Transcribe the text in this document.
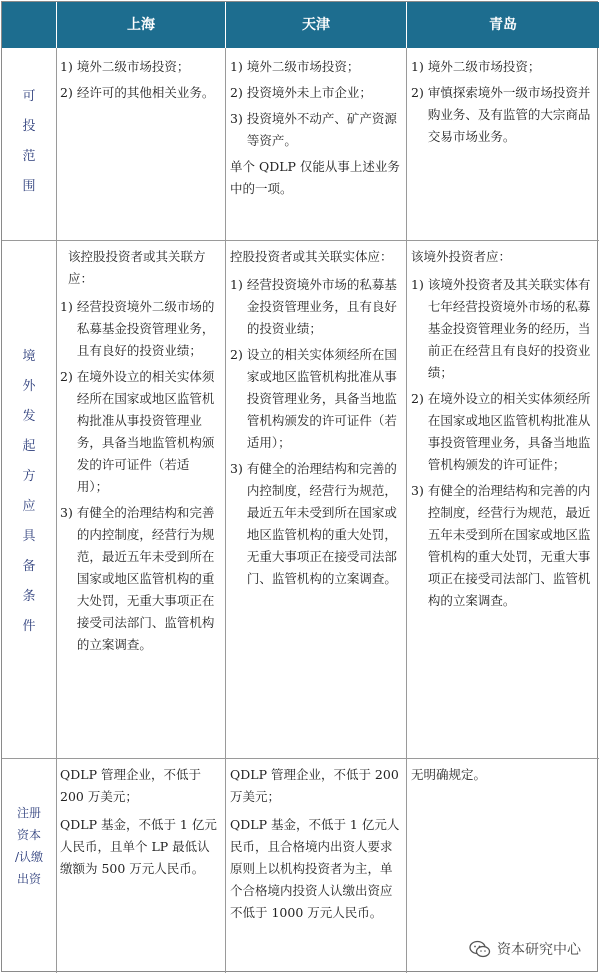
上海	天津	青岛
可
投
范
围
1) 境外二级市场投资；
2) 经许可的其他相关业务。
1) 境外二级市场投资；
2) 投资境外未上市企业；
3) 投资境外不动产、矿产资源等资产。

单个 QDLP 仅能从事上述业务中的一项。

1) 境外二级市场投资；
2) 审慎探索境外一级市场投资并购业务、及有监管的大宗商品交易市场业务。
境
外
发
起
方
应
具
备
条
件

该控股投资者或其关联方应：

1) 经营投资境外二级市场的私募基金投资管理业务，且有良好的投资业绩；
2) 在境外设立的相关实体须经所在国家或地区监管机构批准从事投资管理业务，具备当地监管机构颁发的许可证件（若适用）；
3) 有健全的治理结构和完善的内控制度，经营行为规范，最近五年未受到所在国家或地区监管机构的重大处罚，无重大事项正在接受司法部门、监管机构的立案调查。

控股投资者或其关联实体应：

1) 经营投资境外市场的私募基金投资管理业务，且有良好的投资业绩；
2) 设立的相关实体须经所在国家或地区监管机构批准从事投资管理业务，具备当地监管机构颁发的许可证件（若适用）；
3) 有健全的治理结构和完善的内控制度，经营行为规范，最近五年未受到所在国家或地区监管机构的重大处罚，无重大事项正在接受司法部门、监管机构的立案调查。

该境外投资者应：

1) 该境外投资者及其关联实体有七年经营投资境外市场的私募基金投资管理业务的经历，当前正在经营且有良好的投资业绩；
2) 在境外设立的相关实体须经所在国家或地区监管机构批准从事投资管理业务，具备当地监管机构颁发的许可证件；
3) 有健全的治理结构和完善的内控制度，经营行为规范，最近五年未受到所在国家或地区监管机构的重大处罚，无重大事项正在接受司法部门、监管机构的立案调查。
注册
资本
/认缴
出资

QDLP 管理企业，不低于 200 万美元；

QDLP 基金，不低于 1 亿元人民币，且单个 LP 最低认缴额为 500 万元人民币。

QDLP 管理企业，不低于 200 万美元；

QDLP 基金，不低于 1 亿元人民币，且合格境内出资人要求原则上以机构投资者为主，单个合格境内投资人认缴出资应不低于 1000 万元人民币。

无明确规定。

资本研究中心
